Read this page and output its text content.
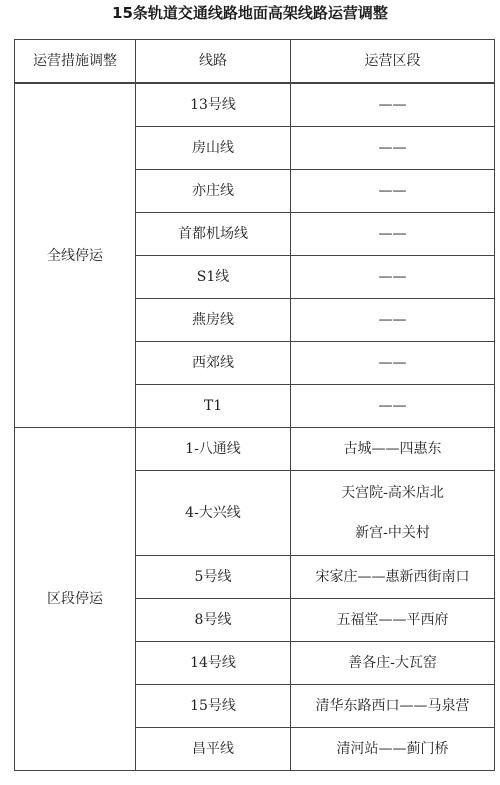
15条轨道交通线路地面高架线路运营调整
运营措施调整	线路	运营区段
全线停运	13号线	——
	房山线	——
	亦庄线	——
	首都机场线	——
	S1线	——
	燕房线	——
	西郊线	——
	T1	——
区段停运	1-八通线	古城——四惠东
	4-大兴线	天宫院-高米店北
新宫-中关村

	5号线	宋家庄——惠新西街南口
	8号线	五福堂——平西府
	14号线	善各庄-大瓦窑
	15号线	清华东路西口——马泉营
	昌平线	清河站——蓟门桥
